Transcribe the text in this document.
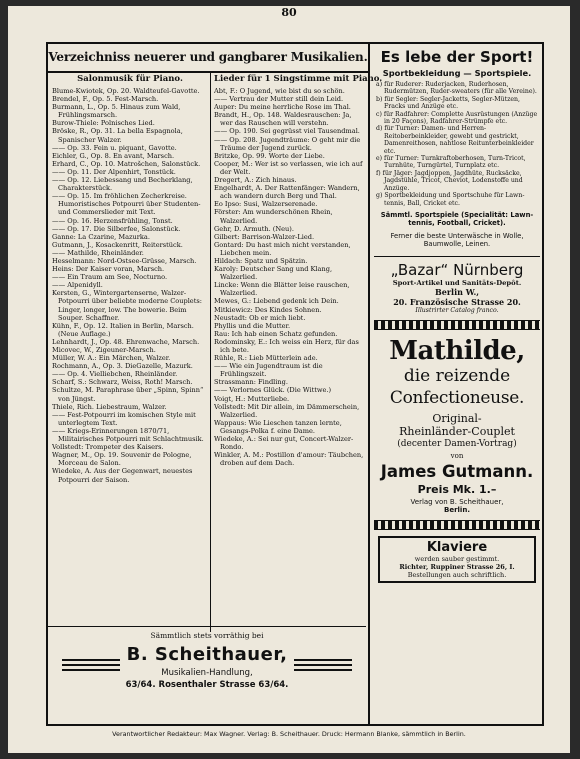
80
Verzeichniss neuerer und gangbarer Musikalien.
Salonmusik für Piano.

Blume-Kwiotek, Op. 20. Waldteufel-Gavotte.

Brendel, F., Op. 5. Fest-Marsch.

Burmann, L., Op. 5. Hinaus zum Wald, Frühlingsmarsch.

Burow-Thiele: Polnisches Lied.

Bröske, R., Op. 31. La bella Espagnola, Spanischer Walzer.

—— Op. 33. Fein u. piquant, Gavotte.

Eichler, G., Op. 8. En avant, Marsch.

Erhard, C., Op. 10. Matrošchen, Salonstück.

—— Op. 11. Der Alpenhirt, Tonstück.

—— Op. 12. Liebessang und Becherklang, Charakterstück.

—— Op. 15. Im fröhlichen Zecherkreise. Humoristisches Potpourri über Studenten- und Commerslieder mit Text.

—— Op. 16. Herzensfrühling, Tonst.

—— Op. 17. Die Silberfee, Salonstück.

Ganne: La Czarine, Mazurka.

Gutmann, J., Kosackenritt, Reiterstück.

—— Mathilde, Rheinländer.

Hesselmann: Nord-Ostsee-Grüsse, Marsch.

Heins: Der Kaiser voran, Marsch.

—— Ein Traum am See, Nocturno.

—— Alpenidyll.

Kersten, G., Wintergartenserne, Walzer-Potpourri über beliebte moderne Couplets: Linger, longer, low. The bowerie. Beim Souper. Schaffner.

Kühn, F., Op. 12. Italien in Berlin, Marsch. (Neue Auflage.)

Lehnhardt, J., Op. 48. Ehrenwache, Marsch.

Micovec, W., Zigeuner-Marsch.

Müller, W. A.: Ein Märchen, Walzer.

Rochmann, A., Op. 3. DieGazelle, Mazurk.

—— Op. 4. Vielliebchen, Rheinländer.

Scharf, S.: Schwarz, Weiss, Roth! Marsch.

Schultze, M. Paraphrase über „Spinn, Spinn“ von Jüngst.

Thiele, Rich. Liebestraum, Walzer.

—— Fest-Potpourri im komischen Style mit unterlegtem Text.

—— Kriegs-Erinnerungen 1870/71, Militairisches Potpourri mit Schlachtmusik.

Vollstedt: Trompeter des Kaisers.

Wagner, M., Op. 19. Souvenir de Pologne, Morceau de Salon.

Wiedeke, A. Aus der Gegenwart, neuestes Potpourri der Saison.

Lieder für 1 Singstimme mit Piano.

Abt, F.: O Jugend, wie bist du so schön.

—— Vertrau der Mutter still dein Leid.

Auper: Du meine herrliche Rose im Thal.

Brandt, H., Op. 148. Waldesrauschen: Ja, wer das Rauschen will verstehn.

—— Op. 190. Sei gegrüsst viel Tausendmal.

—— Op. 208. Jugendträume: O geht mir die Träume der Jugend zurück.

Britzke, Op. 99. Worte der Liebe.

Cooper, M.: Wer ist so verlassen, wie ich auf der Welt.

Dregert, A.: Zich hinaus.

Engelhardt, A. Der Rattenfänger: Wandern, ach wandern durch Berg und Thal.

Eo Ipso: Susi, Walzerserenade.

Förster: Am wunderschönen Rhein, Walzerlied.

Gehr, D. Armuth. (Neu).

Gilbert: Barrison-Walzer-Lied.

Gontard: Du hast mich nicht verstanden, Liebchen mein.

Hildach: Spatz und Spätzin.

Karoly: Deutscher Sang und Klang, Walzerlied.

Lincke: Wenn die Blätter leise rauschen, Walzerlied.

Mewes, G.: Liebend gedenk ich Dein.

Mitkiewicz: Des Kindes Sohnen.

Neustadt: Ob er mich liebt.

Phyllis und die Mutter.

Rau: Ich hab einen Schatz gefunden.

Rodominsky, E.: Ich weiss ein Herz, für das ich bete.

Rühle, R.: Lieb Mütterlein ade.

—— Wie ein Jugendtraum ist die Frühlingszeit.

Strassmann: Findling.

—— Verlornes Glück. (Die Wittwe.)

Voigt, H.: Mutterliebe.

Vollstedt: Mit Dir allein, im Dämmerschein, Walzerlied.

Wappaus: Wie Lieschen tanzen lernte, Gesangs-Polka f. eine Dame.

Wiedeke, A.: Sei nur gut, Concert-Walzer-Rondo.

Winkler, A. M.: Postillon d'amour: Täubchen, droben auf dem Dach.

Sämmtlich stets vorräthig bei
B. Scheithauer,
Musikalien-Handlung,
63/64. Rosenthaler Strasse 63/64.
Es lebe der Sport!
Sportbekleidung — Sportspiele.

a) für Ruderer: Ruderjacken, Ruderhosen, Rudermützen, Ruder-sweaters (für alle Vereine).

b) für Segler: Segler-Jacketts, Segler-Mützen, Fracks und Anzüge etc.

c) für Radfahrer: Complette Ausrüstungen (Anzüge in 20 Façons), Radfahrer-Strümpfe etc.

d) für Turner: Damen- und Herren-Reitoberbeinkleider, gewebt und gestrickt, Damenreithosen, nahtlose Reitunterbeinkleider etc.

e) für Turner: Turnkraftoberhosen, Turn-Tricot, Turnhüte, Turngürtel, Turnplatz etc.

f) für Jäger: Jagdjoppen, Jagdhüte, Rucksäcke, Jagdstühle, Tricot, Cheviot, Lodenstoffe und Anzüge.

g) Sportbekleidung und Sportschuhe für Lawn-tennis, Ball, Cricket etc.

Sämmtl. Sportspiele (Specialität: Lawn-tennis, Football, Cricket).
Ferner die beste Unterwäsche in Wolle, Baumwolle, Leinen.
„Bazar“ Nürnberg
Sport-Artikel und Sanitäts-Depôt.
Berlin W.,
20. Französische Strasse 20.
Illustrirter Catalog franco.
Mathilde,
die reizende
Confectioneuse.
Original-
Rheinländer-Couplet
(decenter Damen-Vortrag)
von
James Gutmann.
Preis Mk. 1.–
Verlag von B. Scheithauer,
Berlin.
Klaviere
werden sauber gestimmt.
Richter, Ruppiner Strasse 26, I.
Bestellungen auch schriftlich.
Verantwortlicher Redakteur: Max Wagner. Verlag: B. Scheithauer. Druck: Hermann Blanke, sämmtlich in Berlin.
